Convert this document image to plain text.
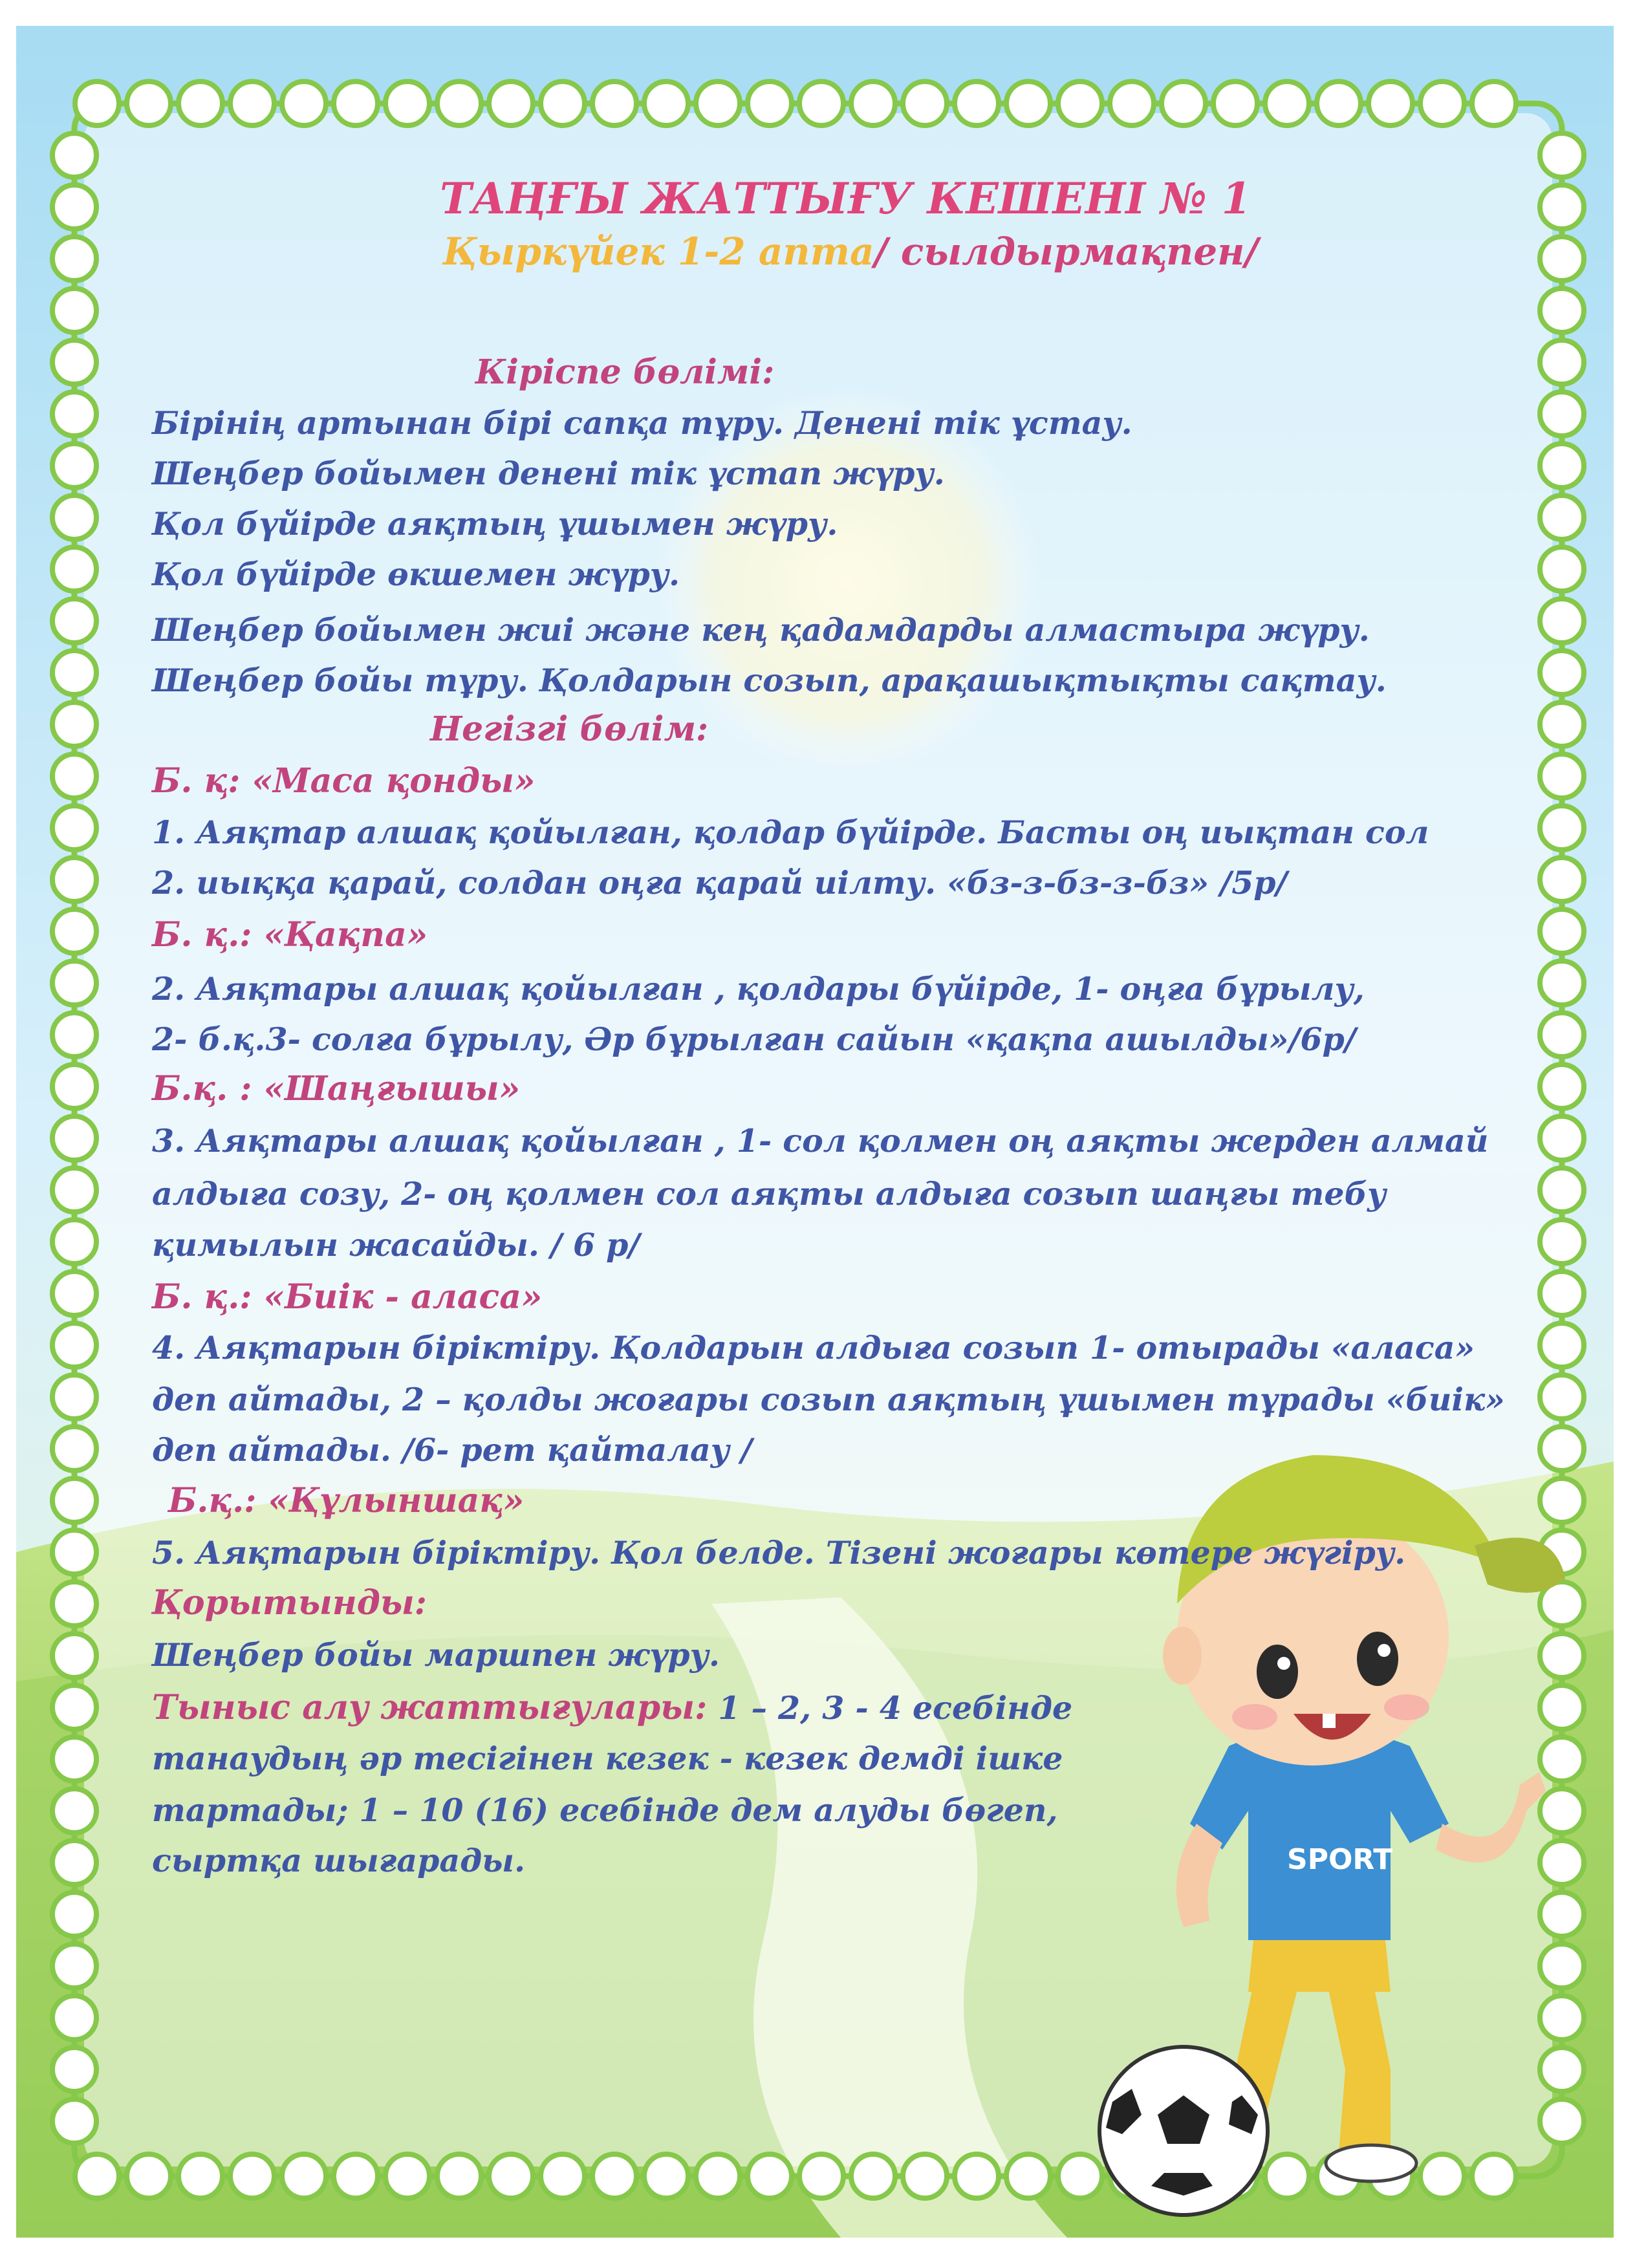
SPORT
ТАҢҒЫ ЖАТТЫҒУ КЕШЕНІ № 1
Қыркүйек 1-2 апта/ сылдырмақпен/
Кіріспе бөлімі:
Бірінің артынан бірі сапқа тұру. Денені тік ұстау.
Шеңбер бойымен денені тік ұстап жүру.
Қол бүйірде аяқтың ұшымен жүру.
Қол бүйірде өкшемен жүру.
Шеңбер бойымен жиі және кең қадамдарды алмастыра жүру.
Шеңбер бойы тұру. Қолдарын созып, арақашықтықты сақтау.
Негізгі бөлім:
Б. қ: «Маса қонды»
1. Аяқтар алшақ қойылған, қолдар бүйірде. Басты оң иықтан сол
2. иыққа қарай, солдан оңға қарай иілту. «бз-з-бз-з-бз» /5р/
Б. қ.: «Қақпа»
2. Аяқтары алшақ қойылған , қолдары бүйірде, 1- оңға бұрылу,
2- б.қ.3- солға бұрылу, Әр бұрылған сайын «қақпа ашылды»/6р/
Б.қ. : «Шаңғышы»
3. Аяқтары алшақ қойылған , 1- сол қолмен оң аяқты жерден алмай
алдыға созу, 2- оң қолмен сол аяқты алдыға созып шаңғы тебу
қимылын жасайды. / 6 р/
Б. қ.: «Биік - аласа»
4. Аяқтарын біріктіру. Қолдарын алдыға созып 1- отырады «аласа»
деп айтады, 2 – қолды жоғары созып аяқтың ұшымен тұрады «биік»
деп айтады. /6- рет қайталау /
Б.қ.: «Құлыншақ»
5. Аяқтарын біріктіру. Қол белде. Тізені жоғары көтере жүгіру.
Қорытынды:
Шеңбер бойы маршпен жүру.
Тыныс алу жаттығулары: 1 – 2, 3 - 4 есебінде
танаудың әр тесігінен кезек - кезек демді ішке
тартады; 1 – 10 (16) есебінде дем алуды бөгеп,
сыртқа шығарады.
